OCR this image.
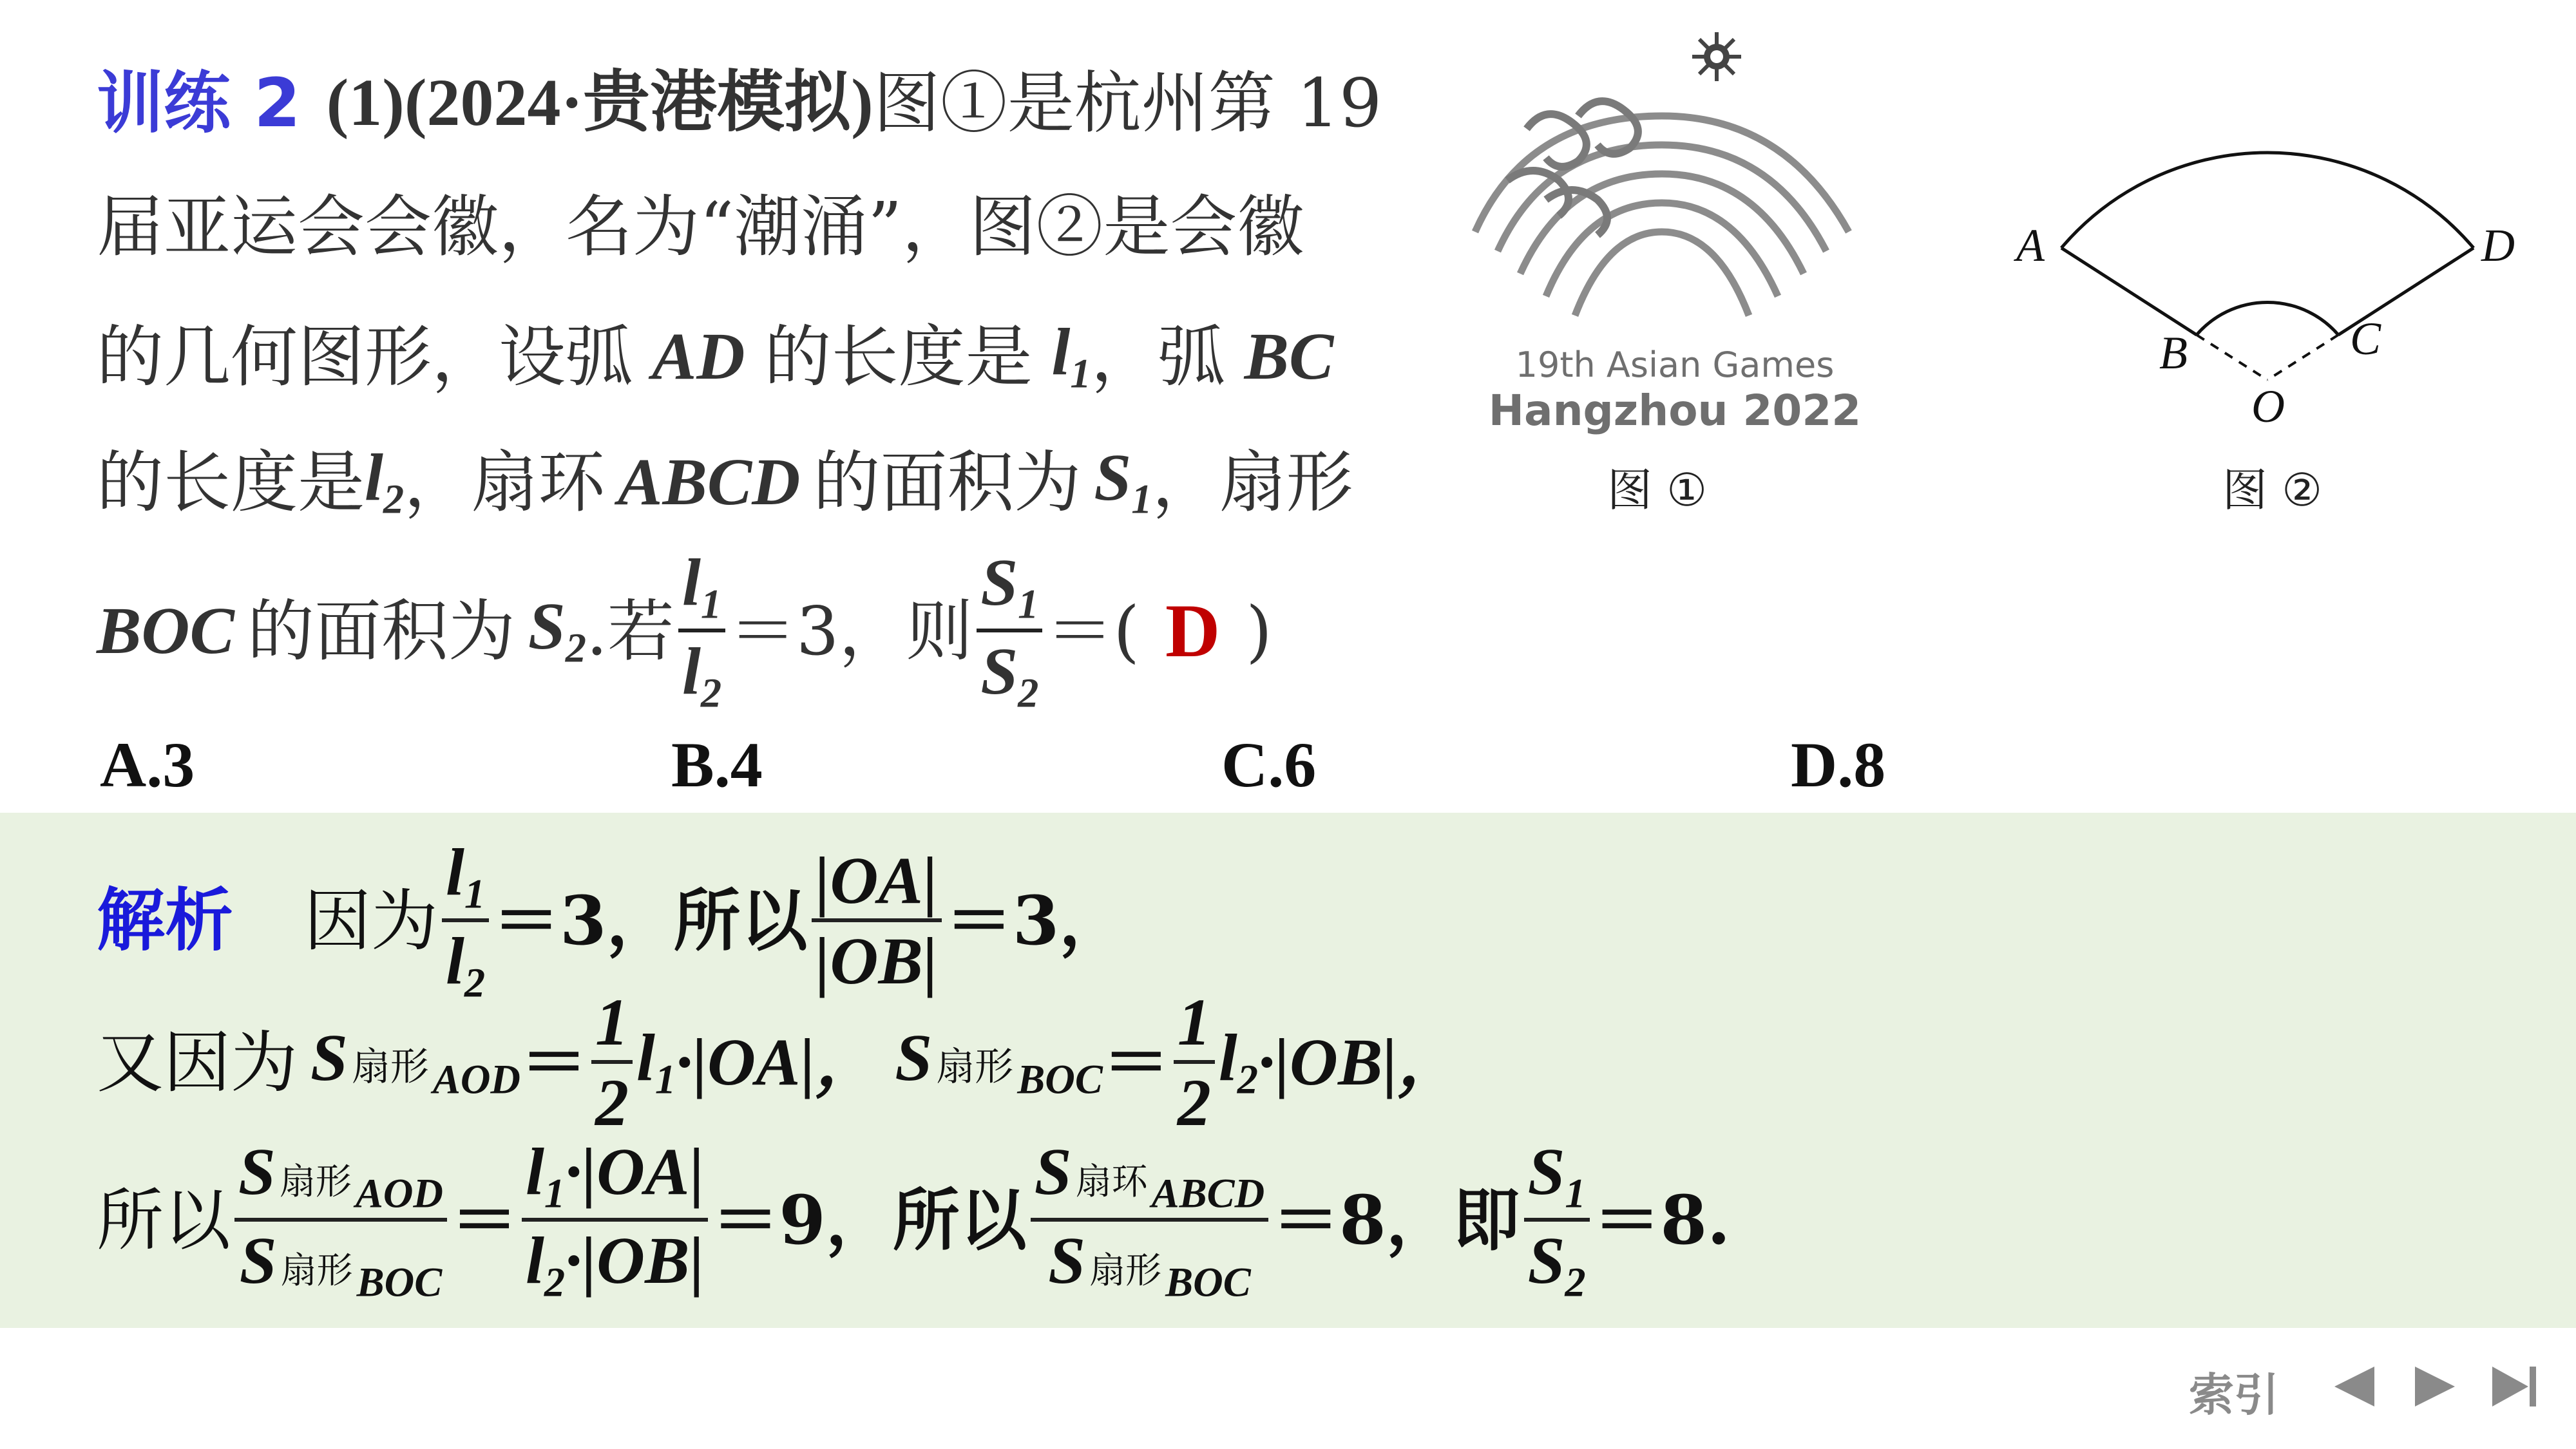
训练 2 (1)(2024·贵港模拟) 图①是杭州第 19
届亚运会会徽，名为“潮涌”，图②是会徽
的几何图形，设弧 AD 的长度是 $l_1$ ，弧 BC
的长度是 $l_2$ ，扇环 ABCD 的面积为 $S_1$ ，扇形
BOC 的面积为 $S_2$ .若 $\frac{l_1}{l_2} =3$，则 $\frac{S_1}{S_2}$ ＝( D )
A.3	B.4	C.6	D.8
19th Asian Games
Hangzhou 2022
图 ①
A	D
B	C
O
图 ②
解析 因为 $\frac{l_1}{l_2} =3$，所以 $\frac{|OA|}{|OB|} =3$，
又因为 S扇形$_{AOD} = \frac{1}{2} l_1 \cdot|OA|$， S扇形$_{BOC} = \frac{1}{2} l_2 \cdot|OB|$，
所以 $\frac{S 扇形_{AOD}}{S 扇形_{BOC}} = \frac{l_1\cdot|OA|}{l_2\cdot|OB|} =9$，所以 $\frac{S 扇环_{ABCD}}{S 扇形_{BOC}} =8$，即 $\frac{S_1}{S_2} =8$.
索引
